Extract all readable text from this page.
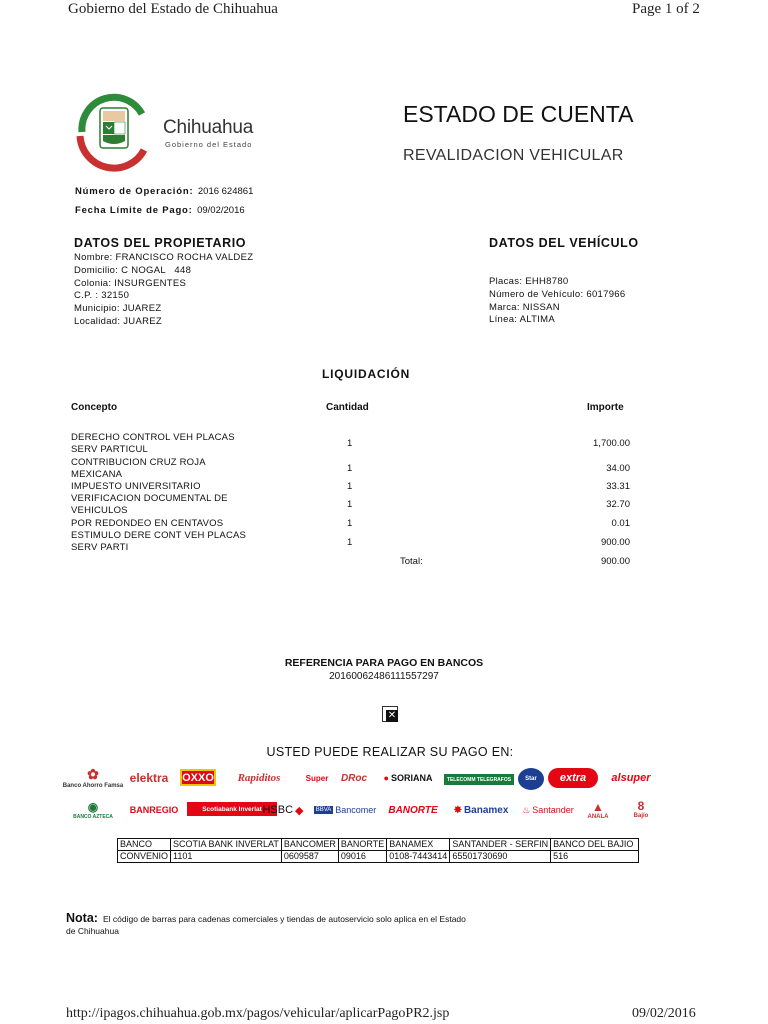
Gobierno del Estado de Chihuahua	Page 1 of 2
http://ipagos.chihuahua.gob.mx/pagos/vehicular/aplicarPagoPR2.jsp	09/02/2016
Chihuahua
Gobierno del Estado
ESTADO DE CUENTA
REVALIDACION VEHICULAR
Número de Operación: 2016 624861
Fecha Límite de Pago: 09/02/2016
DATOS DEL PROPIETARIO
Nombre: FRANCISCO ROCHA VALDEZ
Domicilio: C NOGAL   448
Colonia: INSURGENTES
C.P. : 32150
Municipio: JUAREZ
Localidad: JUAREZ
DATOS DEL VEHÍCULO
Placas: EHH8780
Número de Vehículo: 6017966
Marca: NISSAN
Línea: ALTIMA
LIQUIDACIÓN
Concepto	Cantidad	Importe
DERECHO CONTROL VEH PLACAS
SERV PARTICUL
1	1,700.00
CONTRIBUCION CRUZ ROJA
MEXICANA
1	34.00
IMPUESTO UNIVERSITARIO	1	33.31
VERIFICACION DOCUMENTAL DE
VEHICULOS
1	32.70
POR REDONDEO EN CENTAVOS	1	0.01
ESTIMULO DERE CONT VEH PLACAS
SERV PARTI	1	900.00
Total:	900.00
REFERENCIA PARA PAGO EN BANCOS
20160062486111557297
✕
USTED PUEDE REALIZAR SU PAGO EN:
✿
Banco Ahorro Famsa
elektra	OXXO	Rapiditos	Super	DRoc	● SORIANA	TELECOMM TELEGRAFOS	Star	extra	alsuper
◉
BANCO AZTECA
BANREGIO	Scotiabank Inverlat HSBC ◆	BBVA Bancomer	BANORTE	✸ Banamex ♨ Santander ▲
ANALA
8
Bajío
BANCO	SCOTIA BANK INVERLAT	BANCOMER	BANORTE	BANAMEX	SANTANDER - SERFIN	BANCO DEL BAJIO
CONVENIO	1101	0609587	09016	0108-7443414	65501730690	516
Nota: El código de barras para cadenas comerciales y tiendas de autoservicio solo aplica en el Estado
de Chihuahua
